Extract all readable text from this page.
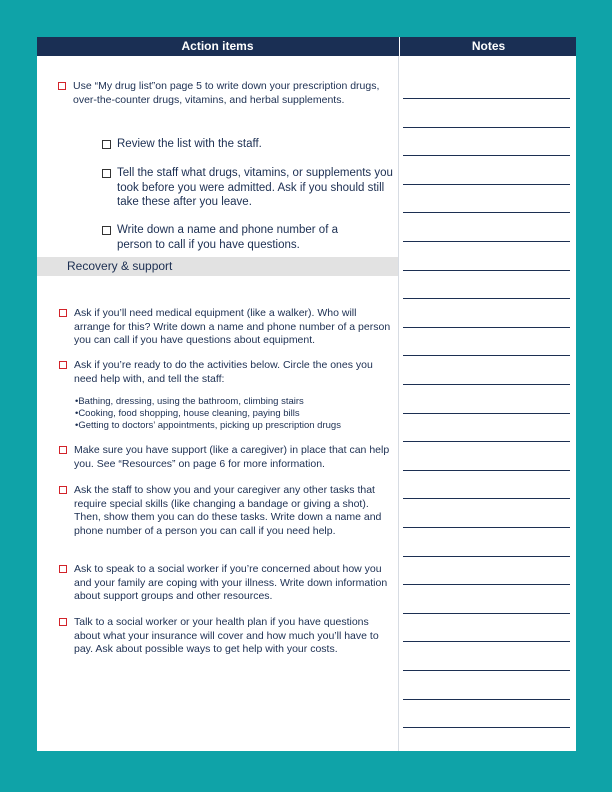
Action items	Notes
Use “My drug list”on page 5 to write down your prescription drugs, over-the-counter drugs, vitamins, and herbal supplements.
Review the list with the staff.
Tell the staff what drugs, vitamins, or supplements you took before you were admitted. Ask if you should still take these after you leave.
Write down a name and phone number of a person to call if you have questions.
Recovery & support
Ask if you’ll need medical equipment (like a walker). Who will arrange for this? Write down a name and phone number of a person you can call if you have questions about equipment.
Ask if you’re ready to do the activities below. Circle the ones you need help with, and tell the staff:
•Bathing, dressing, using the bathroom, climbing stairs
•Cooking, food shopping, house cleaning, paying bills
•Getting to doctors’ appointments, picking up prescription drugs
Make sure you have support (like a caregiver) in place that can help you. See “Resources” on page 6 for more information.
Ask the staff to show you and your caregiver any other tasks that require special skills (like changing a bandage or giving a shot). Then, show them you can do these tasks. Write down a name and phone number of a person you can call if you need help.
Ask to speak to a social worker if you’re concerned about how you and your family are coping with your illness. Write down information about support groups and other resources.
Talk to a social worker or your health plan if you have questions about what your insurance will cover and how much you’ll have to pay. Ask about possible ways to get help with your costs.
